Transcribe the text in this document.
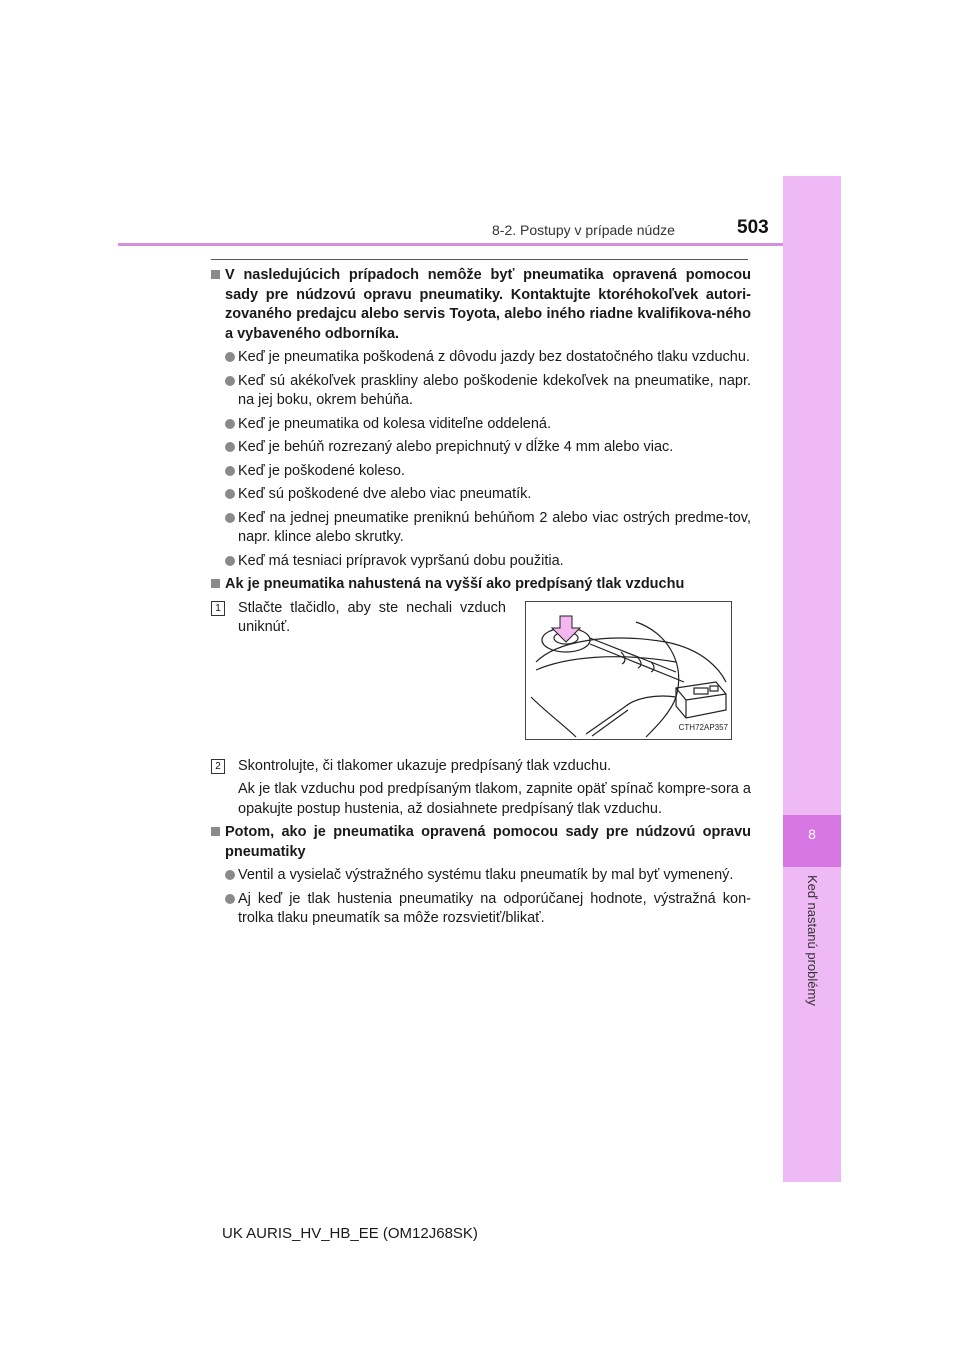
8
Keď nastanú problémy
8-2. Postupy v prípade núdze	503
V nasledujúcich prípadoch nemôže byť pneumatika opravená pomocou sady pre núdzovú opravu pneumatiky. Kontaktujte ktoréhokoľvek autori-zovaného predajcu alebo servis Toyota, alebo iného riadne kvalifikova-ného a vybaveného odborníka.
Keď je pneumatika poškodená z dôvodu jazdy bez dostatočného tlaku vzduchu.
Keď sú akékoľvek praskliny alebo poškodenie kdekoľvek na pneumatike, napr. na jej boku, okrem behúňa.
Keď je pneumatika od kolesa viditeľne oddelená.
Keď je behúň rozrezaný alebo prepichnutý v dĺžke 4 mm alebo viac.
Keď je poškodené koleso.
Keď sú poškodené dve alebo viac pneumatík.
Keď na jednej pneumatike preniknú behúňom 2 alebo viac ostrých predme-tov, napr. klince alebo skrutky.
Keď má tesniaci prípravok vypršanú dobu použitia.
Ak je pneumatika nahustená na vyšší ako predpísaný tlak vzduchu
1 Stlačte tlačidlo, aby ste nechali vzduch uniknúť.
CTH72AP357
2 Skontrolujte, či tlakomer ukazuje predpísaný tlak vzduchu.
Ak je tlak vzduchu pod predpísaným tlakom, zapnite opäť spínač kompre-sora a opakujte postup hustenia, až dosiahnete predpísaný tlak vzduchu.
Potom, ako je pneumatika opravená pomocou sady pre núdzovú opravu pneumatiky
Ventil a vysielač výstražného systému tlaku pneumatík by mal byť vymenený.
Aj keď je tlak hustenia pneumatiky na odporúčanej hodnote, výstražná kon-trolka tlaku pneumatík sa môže rozsvietiť/blikať.
UK AURIS_HV_HB_EE (OM12J68SK)
